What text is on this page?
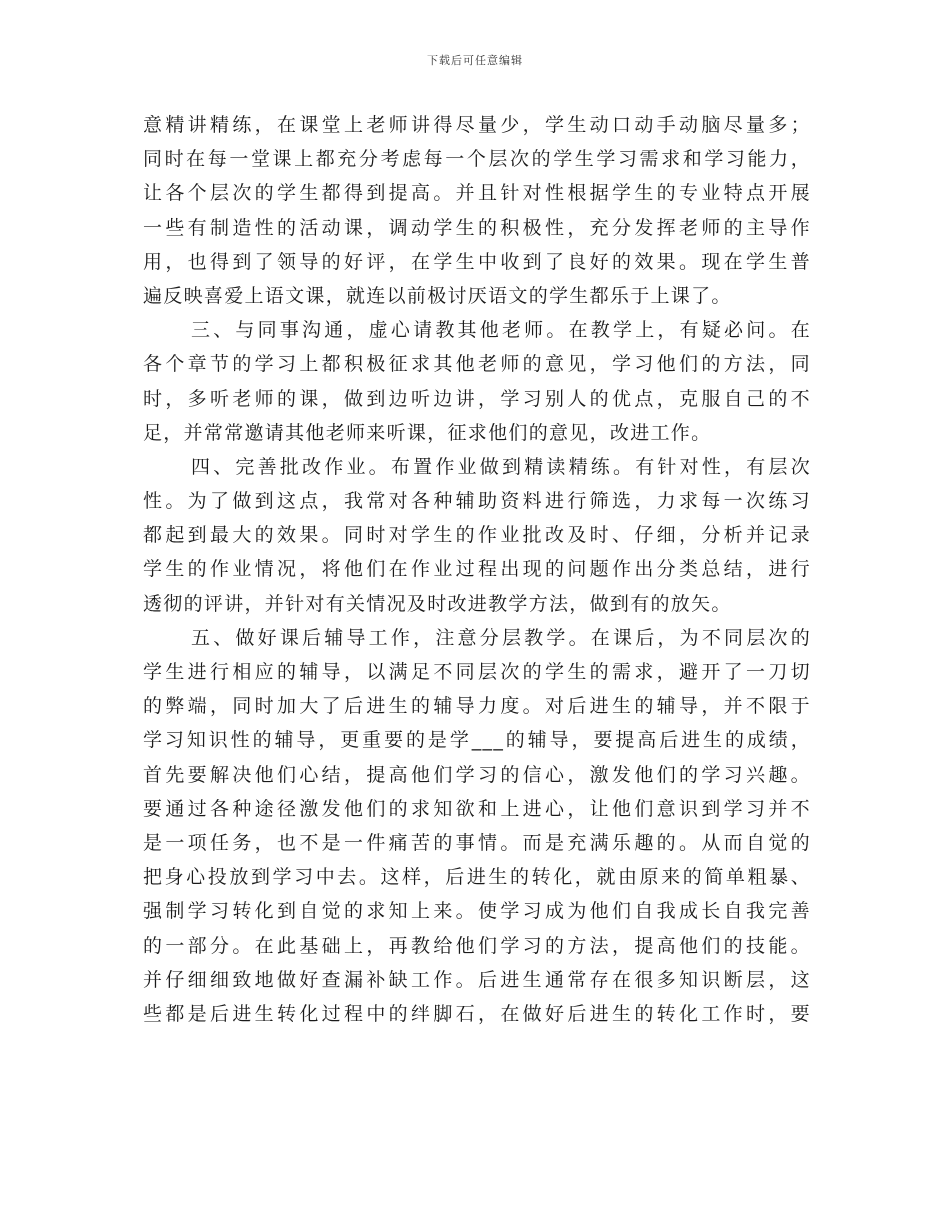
下载后可任意编辑
意精讲精练，在课堂上老师讲得尽量少，学生动口动手动脑尽量多；
同时在每一堂课上都充分考虑每一个层次的学生学习需求和学习能力，
让各个层次的学生都得到提高。并且针对性根据学生的专业特点开展
一些有制造性的活动课，调动学生的积极性，充分发挥老师的主导作
用，也得到了领导的好评，在学生中收到了良好的效果。现在学生普
遍反映喜爱上语文课，就连以前极讨厌语文的学生都乐于上课了。
三、与同事沟通，虚心请教其他老师。在教学上，有疑必问。在
各个章节的学习上都积极征求其他老师的意见，学习他们的方法，同
时，多听老师的课，做到边听边讲，学习别人的优点，克服自己的不
足，并常常邀请其他老师来听课，征求他们的意见，改进工作。
四、完善批改作业。布置作业做到精读精练。有针对性，有层次
性。为了做到这点，我常对各种辅助资料进行筛选，力求每一次练习
都起到最大的效果。同时对学生的作业批改及时、仔细，分析并记录
学生的作业情况，将他们在作业过程出现的问题作出分类总结，进行
透彻的评讲，并针对有关情况及时改进教学方法，做到有的放矢。
五、做好课后辅导工作，注意分层教学。在课后，为不同层次的
学生进行相应的辅导，以满足不同层次的学生的需求，避开了一刀切
的弊端，同时加大了后进生的辅导力度。对后进生的辅导，并不限于
学习知识性的辅导，更重要的是学___的辅导，要提高后进生的成绩，
首先要解决他们心结，提高他们学习的信心，激发他们的学习兴趣。
要通过各种途径激发他们的求知欲和上进心，让他们意识到学习并不
是一项任务，也不是一件痛苦的事情。而是充满乐趣的。从而自觉的
把身心投放到学习中去。这样，后进生的转化，就由原来的简单粗暴、
强制学习转化到自觉的求知上来。使学习成为他们自我成长自我完善
的一部分。在此基础上，再教给他们学习的方法，提高他们的技能。
并仔细细致地做好查漏补缺工作。后进生通常存在很多知识断层，这
些都是后进生转化过程中的绊脚石，在做好后进生的转化工作时，要
